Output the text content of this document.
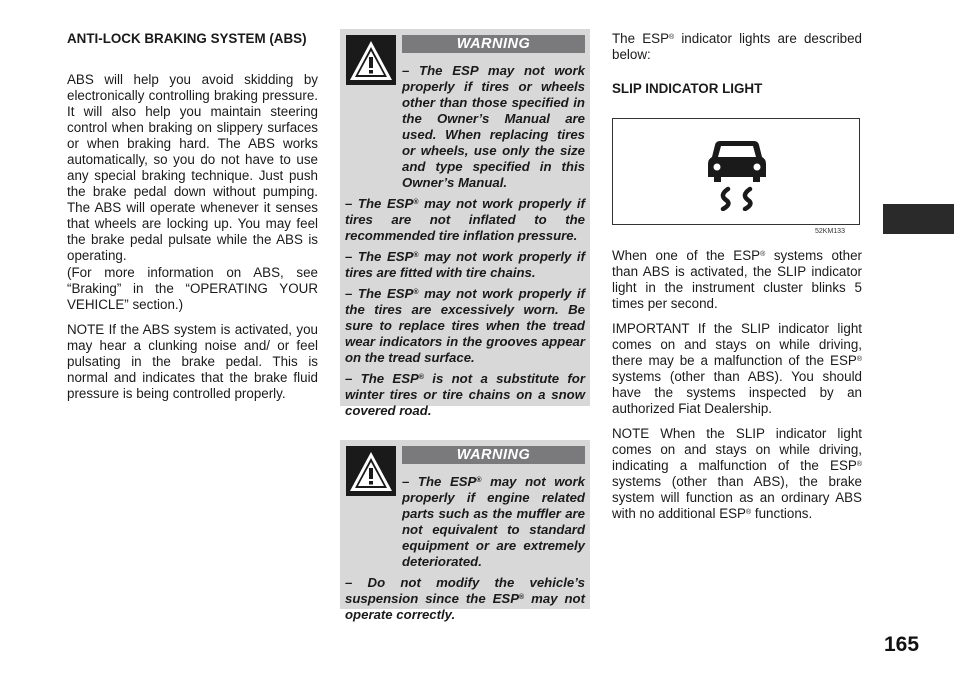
ANTI-LOCK BRAKING SYSTEM (ABS)

ABS will help you avoid skidding by electronically controlling braking pressure. It will also help you maintain steering control when braking on slippery surfaces or when braking hard. The ABS works automatically, so you do not have to use any special braking technique. Just push the brake pedal down without pumping. The ABS will operate whenever it senses that wheels are locking up. You may feel the brake pedal pulsate while the ABS is operating.

(For more information on ABS, see “Braking” in the “OPERATING YOUR VEHICLE” section.)

NOTE If the ABS system is activated, you may hear a clunking noise and/ or feel pulsating in the brake pedal. This is normal and indicates that the brake fluid pressure is being controlled properly.

WARNING

– The ESP may not work properly if tires or wheels other than those specified in the Owner’s Manual are used. When replacing tires or wheels, use only the size and type specified in this Owner’s Manual.

– The ESP® may not work properly if tires are not inflated to the recommended tire inflation pressure.

– The ESP® may not work properly if tires are fitted with tire chains.

– The ESP® may not work properly if the tires are excessively worn. Be sure to replace tires when the tread wear indicators in the grooves appear on the tread surface.

– The ESP® is not a substitute for winter tires or tire chains on a snow covered road.

WARNING

– The ESP® may not work properly if engine related parts such as the muffler are not equivalent to standard equipment or are extremely deteriorated.

– Do not modify the vehicle’s suspension since the ESP® may not operate correctly.

The ESP® indicator lights are described below:

SLIP INDICATOR LIGHT

When one of the ESP® systems other than ABS is activated, the SLIP indicator light in the instrument cluster blinks 5 times per second.

IMPORTANT If the SLIP indicator light comes on and stays on while driving, there may be a malfunction of the ESP® systems (other than ABS). You should have the systems inspected by an authorized Fiat Dealership.

NOTE When the SLIP indicator light comes on and stays on while driving, indicating a malfunction of the ESP® systems (other than ABS), the brake system will function as an ordinary ABS with no additional ESP® functions.

52KM133
165
